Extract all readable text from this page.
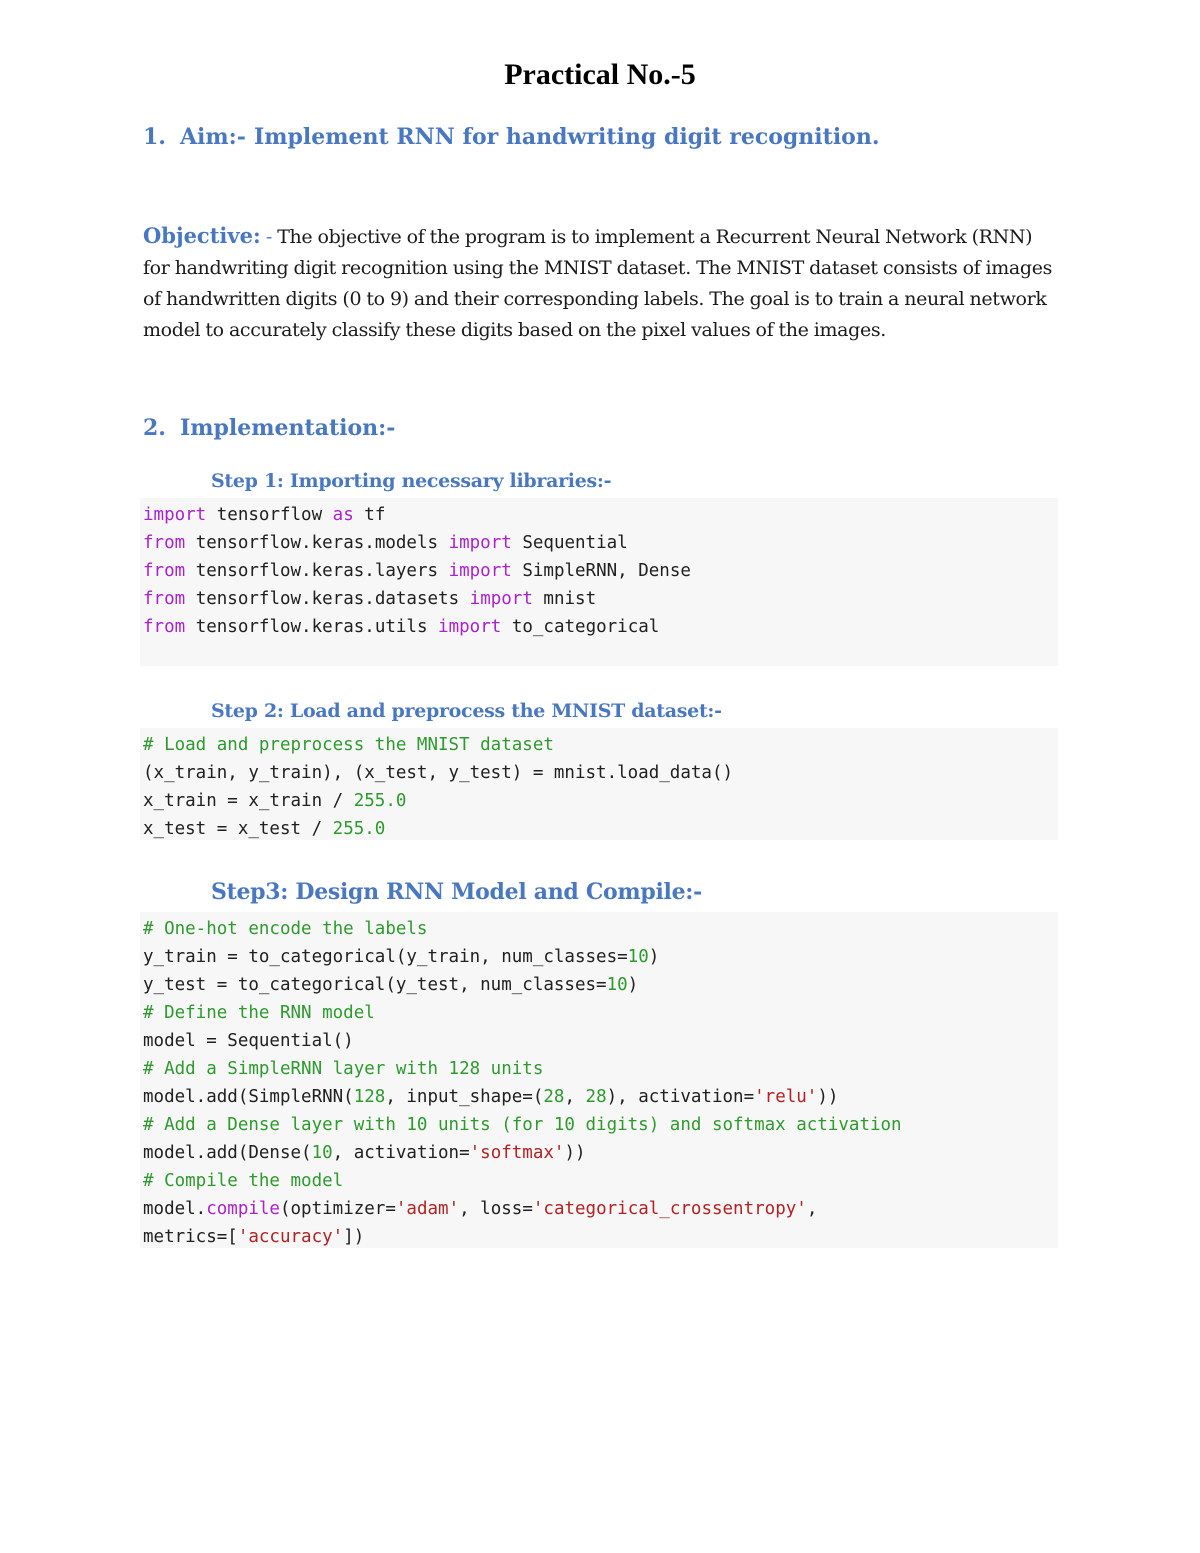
Practical No.-5
1. Aim:- Implement RNN for handwriting digit recognition.
Objective: - The objective of the program is to implement a Recurrent Neural Network (RNN) for handwriting digit recognition using the MNIST dataset. The MNIST dataset consists of images of handwritten digits (0 to 9) and their corresponding labels. The goal is to train a neural network model to accurately classify these digits based on the pixel values of the images.
2. Implementation:-
Step 1: Importing necessary libraries:-
import tensorflow as tf
from tensorflow.keras.models import Sequential
from tensorflow.keras.layers import SimpleRNN, Dense
from tensorflow.keras.datasets import mnist
from tensorflow.keras.utils import to_categorical
Step 2: Load and preprocess the MNIST dataset:-
# Load and preprocess the MNIST dataset
(x_train, y_train), (x_test, y_test) = mnist.load_data()
x_train = x_train / 255.0
x_test = x_test / 255.0
Step3: Design RNN Model and Compile:-
# One-hot encode the labels
y_train = to_categorical(y_train, num_classes=10)
y_test = to_categorical(y_test, num_classes=10)
# Define the RNN model
model = Sequential()
# Add a SimpleRNN layer with 128 units
model.add(SimpleRNN(128, input_shape=(28, 28), activation='relu'))
# Add a Dense layer with 10 units (for 10 digits) and softmax activation
model.add(Dense(10, activation='softmax'))
# Compile the model
model.compile(optimizer='adam', loss='categorical_crossentropy',
metrics=['accuracy'])
